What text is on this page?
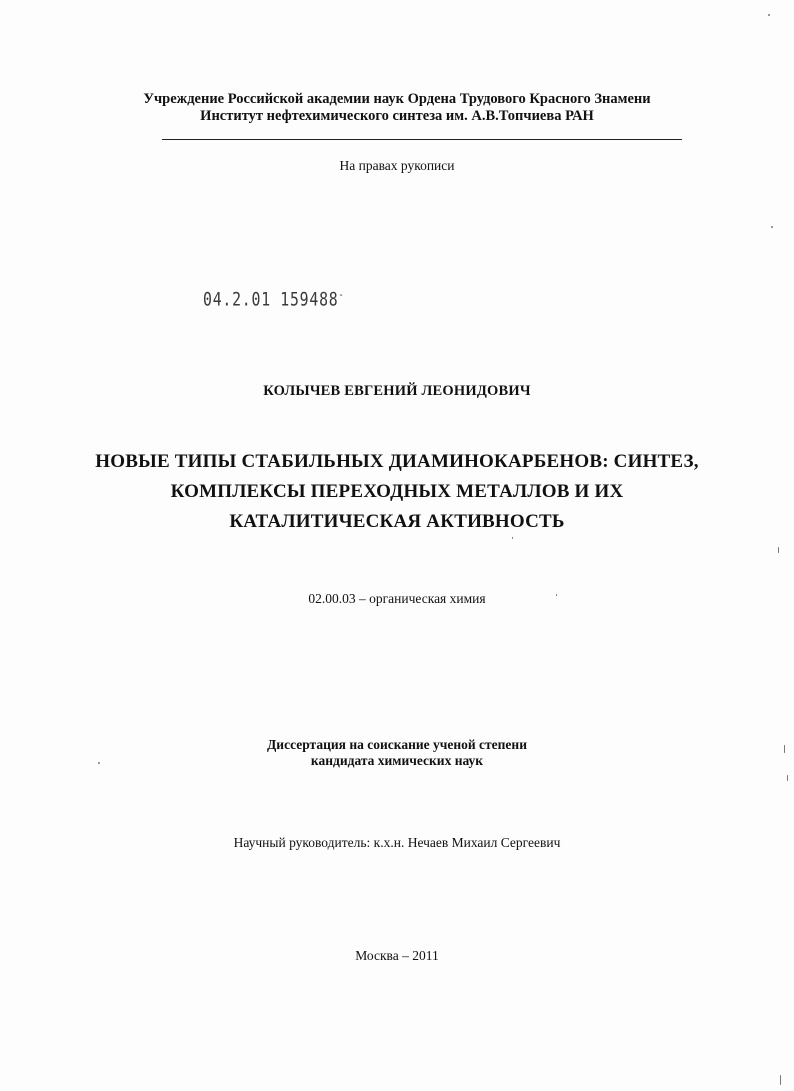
Учреждение Российской академии наук Ордена Трудового Красного Знамени
Институт нефтехимического синтеза им. А.В.Топчиева РАН
На правах рукописи
04.2.01 159488-
КОЛЫЧЕВ ЕВГЕНИЙ ЛЕОНИДОВИЧ
НОВЫЕ ТИПЫ СТАБИЛЬНЫХ ДИАМИНОКАРБЕНОВ: СИНТЕЗ,
КОМПЛЕКСЫ ПЕРЕХОДНЫХ МЕТАЛЛОВ И ИХ
КАТАЛИТИЧЕСКАЯ АКТИВНОСТЬ
02.00.03 – органическая химия
Диссертация на соискание ученой степени
кандидата химических наук
Научный руководитель: к.х.н. Нечаев Михаил Сергеевич
Москва – 2011
